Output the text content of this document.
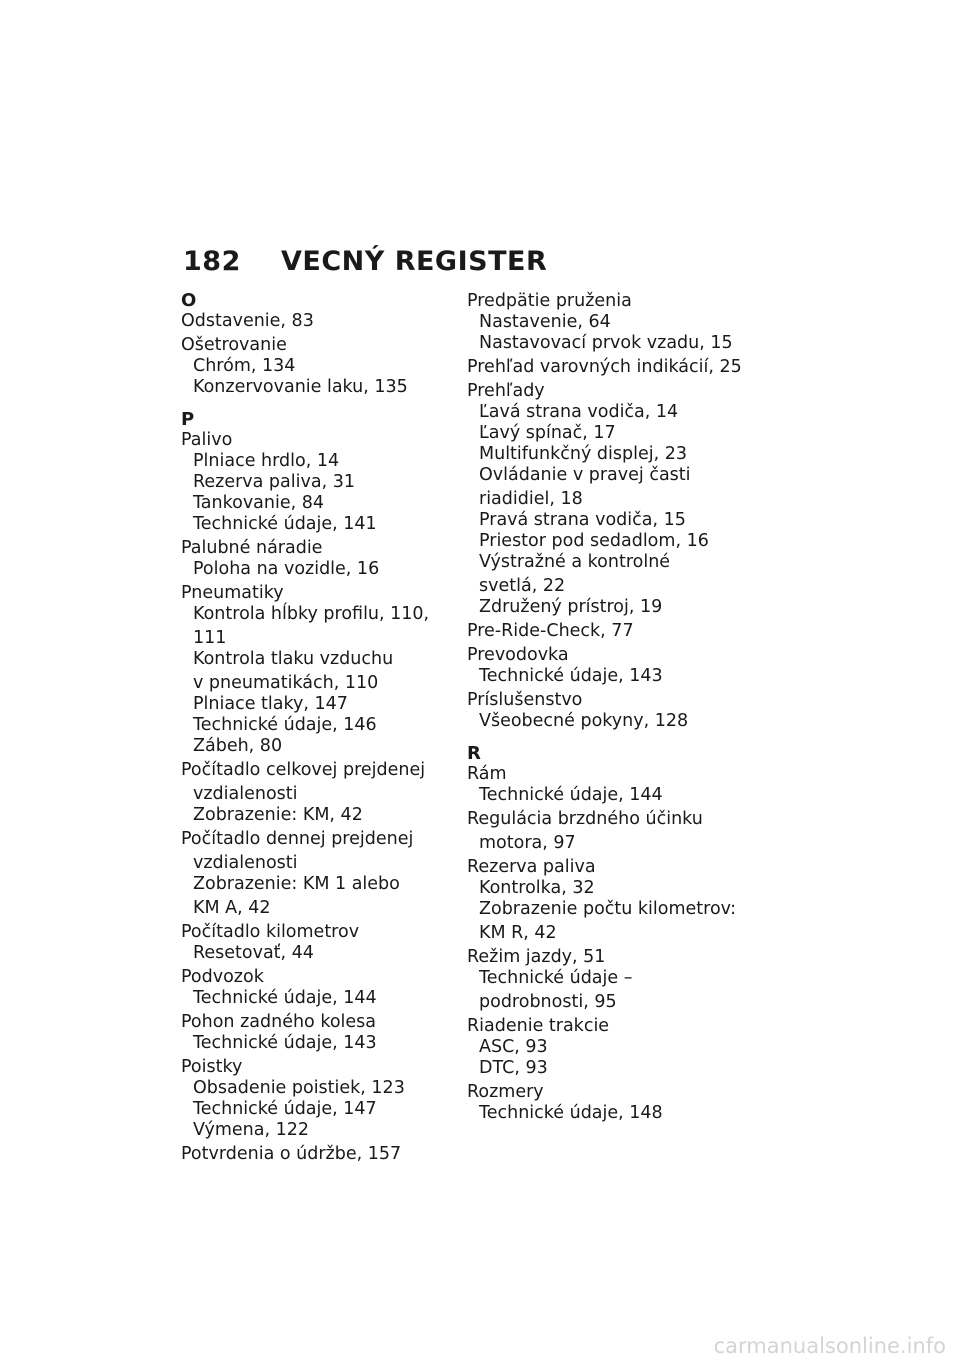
182 VECNÝ REGISTER
O
Odstavenie, 83
Ošetrovanie
Chróm, 134
Konzervovanie laku, 135
P
Palivo
Plniace hrdlo, 14
Rezerva paliva, 31
Tankovanie, 84
Technické údaje, 141
Palubné náradie
Poloha na vozidle, 16
Pneumatiky
Kontrola hĺbky profilu, 110,
111
Kontrola tlaku vzduchu
v pneumatikách, 110
Plniace tlaky, 147
Technické údaje, 146
Zábeh, 80
Počítadlo celkovej prejdenej
vzdialenosti
Zobrazenie: KM, 42
Počítadlo dennej prejdenej
vzdialenosti
Zobrazenie: KM 1 alebo
KM A, 42
Počítadlo kilometrov
Resetovať, 44
Podvozok
Technické údaje, 144
Pohon zadného kolesa
Technické údaje, 143
Poistky
Obsadenie poistiek, 123
Technické údaje, 147
Výmena, 122
Potvrdenia o údržbe, 157
Predpätie pruženia
Nastavenie, 64
Nastavovací prvok vzadu, 15
Prehľad varovných indikácií, 25
Prehľady
Ľavá strana vodiča, 14
Ľavý spínač, 17
Multifunkčný displej, 23
Ovládanie v pravej časti
riadidiel, 18
Pravá strana vodiča, 15
Priestor pod sedadlom, 16
Výstražné a kontrolné
svetlá, 22
Združený prístroj, 19
Pre-Ride-Check, 77
Prevodovka
Technické údaje, 143
Príslušenstvo
Všeobecné pokyny, 128
R
Rám
Technické údaje, 144
Regulácia brzdného účinku
motora, 97
Rezerva paliva
Kontrolka, 32
Zobrazenie počtu kilometrov:
KM R, 42
Režim jazdy, 51
Technické údaje –
podrobnosti, 95
Riadenie trakcie
ASC, 93
DTC, 93
Rozmery
Technické údaje, 148
carmanualsonline.info
